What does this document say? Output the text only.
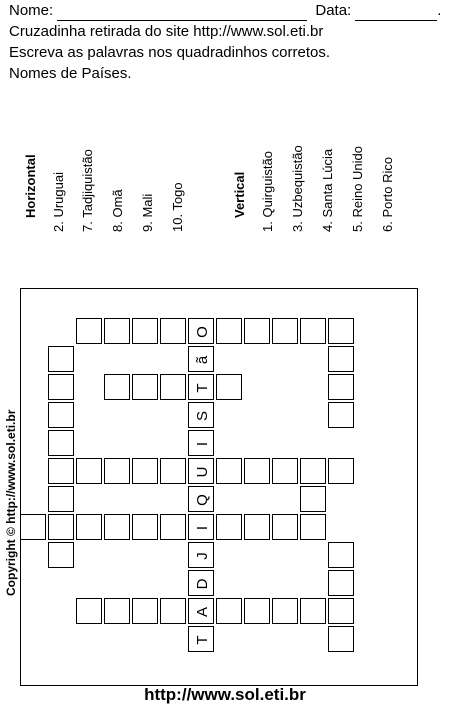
Nome:	Data:	.
Cruzadinha retirada do site http://www.sol.eti.br
Escreva as palavras nos quadradinhos corretos.
Nomes de Países.
Horizontal 2. Uruguai 7. Tadjiquistão 8. Omã 9. Mali 10. Togo	Vertical 1. Quirguistão 3. Uzbequistão 4. Santa Lúcia 5. Reino Unido 6. Porto Rico
O
T
U
I
A
ã
S
I
Q
J
D
T
Copyright © http://www.sol.eti.br
http://www.sol.eti.br
